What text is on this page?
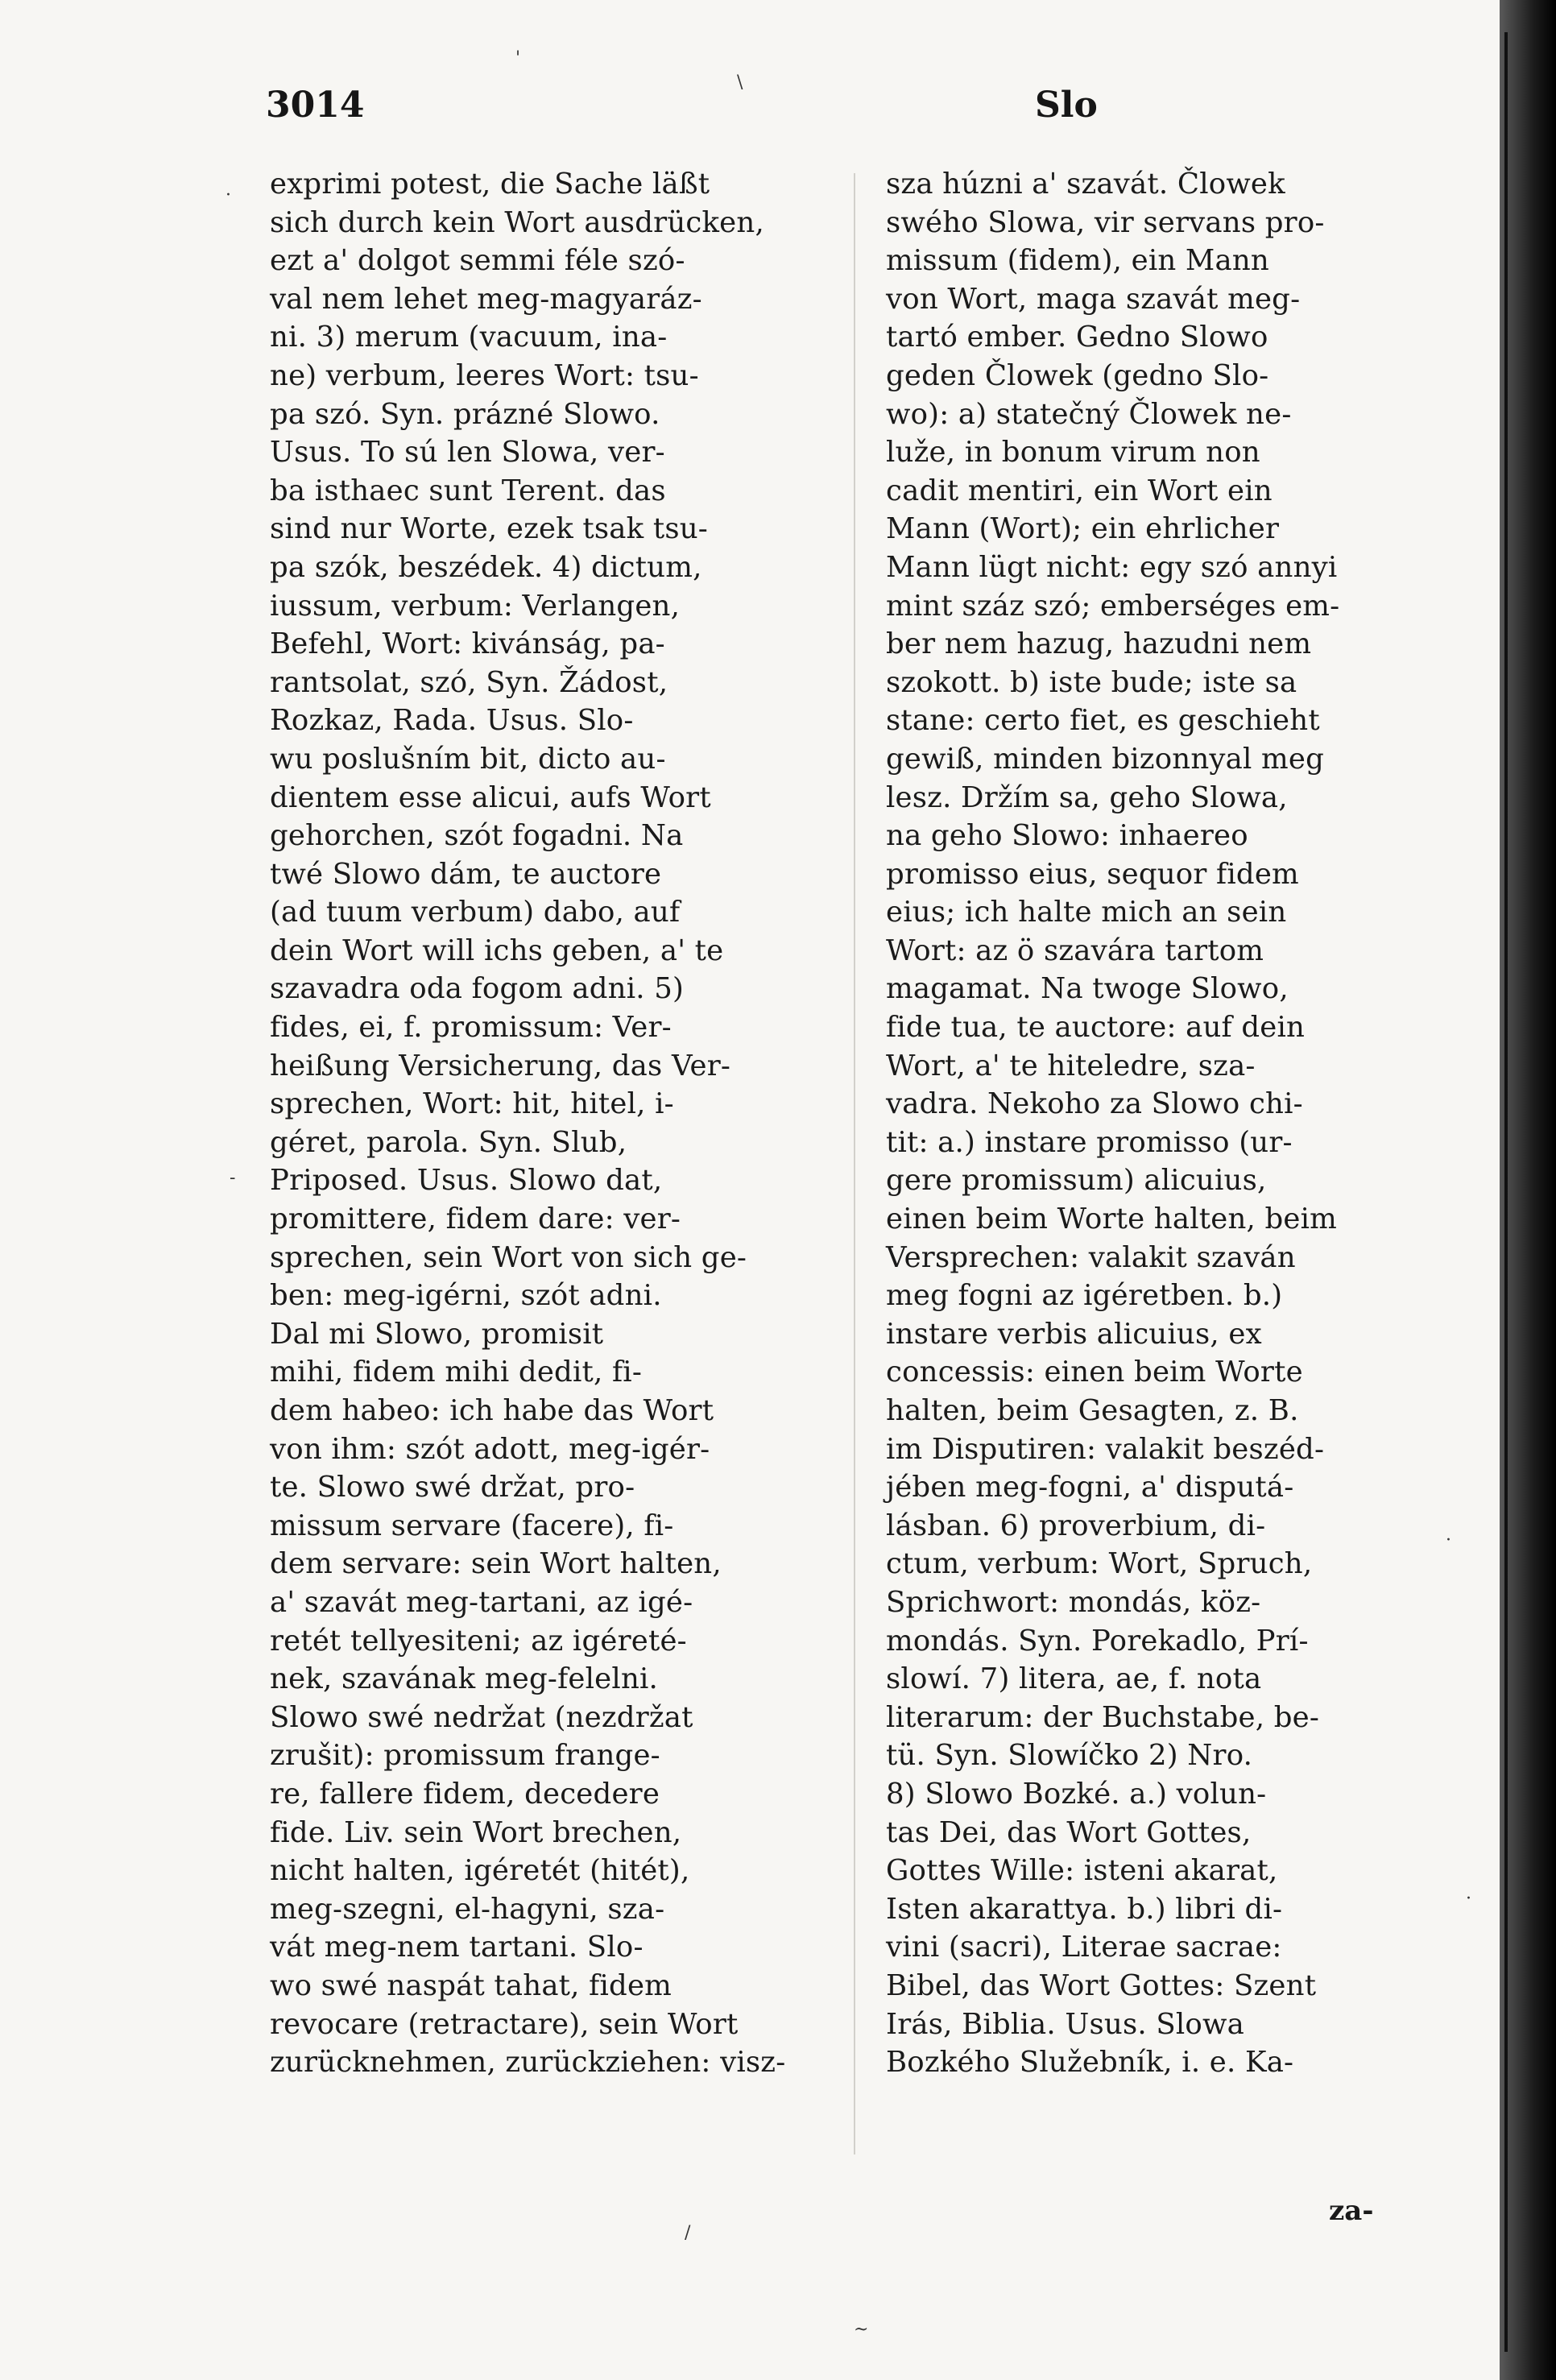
3014	Slo
exprimi potest, die Sache läßt
sich durch kein Wort ausdrücken,
ezt a' dolgot semmi féle szó-
val nem lehet meg-magyaráz-
ni. 3) merum (vacuum, ina-
ne) verbum, leeres Wort: tsu-
pa szó. Syn. prázné Slowo.
Usus. To sú len Slowa, ver-
ba isthaec sunt Terent. das
sind nur Worte, ezek tsak tsu-
pa szók, beszédek. 4) dictum,
iussum, verbum: Verlangen,
Befehl, Wort: kivánság, pa-
rantsolat, szó, Syn. Žádost,
Rozkaz, Rada. Usus. Slo-
wu poslušním bit, dicto au-
dientem esse alicui, aufs Wort
gehorchen, szót fogadni. Na
twé Slowo dám, te auctore
(ad tuum verbum) dabo, auf
dein Wort will ichs geben, a' te
szavadra oda fogom adni. 5)
fides, ei, f. promissum: Ver-
heißung Versicherung, das Ver-
sprechen, Wort: hit, hitel, i-
géret, parola. Syn. Slub,
Priposed. Usus. Slowo dat,
promittere, fidem dare: ver-
sprechen, sein Wort von sich ge-
ben: meg-igérni, szót adni.
Dal mi Slowo, promisit
mihi, fidem mihi dedit, fi-
dem habeo: ich habe das Wort
von ihm: szót adott, meg-igér-
te. Slowo swé držat, pro-
missum servare (facere), fi-
dem servare: sein Wort halten,
a' szavát meg-tartani, az igé-
retét tellyesiteni; az igéreté-
nek, szavának meg-felelni.
Slowo swé nedržat (nezdržat
zrušit): promissum frange-
re, fallere fidem, decedere
fide. Liv. sein Wort brechen,
nicht halten, igéretét (hitét),
meg-szegni, el-hagyni, sza-
vát meg-nem tartani. Slo-
wo swé naspát tahat, fidem
revocare (retractare), sein Wort
zurücknehmen, zurückziehen: visz-
sza húzni a' szavát. Člowek
swého Slowa, vir servans pro-
missum (fidem), ein Mann
von Wort, maga szavát meg-
tartó ember. Gedno Slowo
geden Člowek (gedno Slo-
wo): a) statečný Člowek ne-
luže, in bonum virum non
cadit mentiri, ein Wort ein
Mann (Wort); ein ehrlicher
Mann lügt nicht: egy szó annyi
mint száz szó; emberséges em-
ber nem hazug, hazudni nem
szokott. b) iste bude; iste sa
stane: certo fiet, es geschieht
gewiß, minden bizonnyal meg
lesz. Držím sa, geho Slowa,
na geho Slowo: inhaereo
promisso eius, sequor fidem
eius; ich halte mich an sein
Wort: az ö szavára tartom
magamat. Na twoge Slowo,
fide tua, te auctore: auf dein
Wort, a' te hiteledre, sza-
vadra. Nekoho za Slowo chi-
tit: a.) instare promisso (ur-
gere promissum) alicuius,
einen beim Worte halten, beim
Versprechen: valakit szaván
meg fogni az igéretben. b.)
instare verbis alicuius, ex
concessis: einen beim Worte
halten, beim Gesagten, z. B.
im Disputiren: valakit beszéd-
jében meg-fogni, a' disputá-
lásban. 6) proverbium, di-
ctum, verbum: Wort, Spruch,
Sprichwort: mondás, köz-
mondás. Syn. Porekadlo, Prí-
slowí. 7) litera, ae, f. nota
literarum: der Buchstabe, be-
tü. Syn. Slowíčko 2) Nro.
8) Slowo Bozké. a.) volun-
tas Dei, das Wort Gottes,
Gottes Wille: isteni akarat,
Isten akarattya. b.) libri di-
vini (sacri), Literae sacrae:
Bibel, das Wort Gottes: Szent
Irás, Biblia. Usus. Slowa
Bozkého Služebník, i. e. Ka-
za-
'
\
·
-
·
·
/
~
